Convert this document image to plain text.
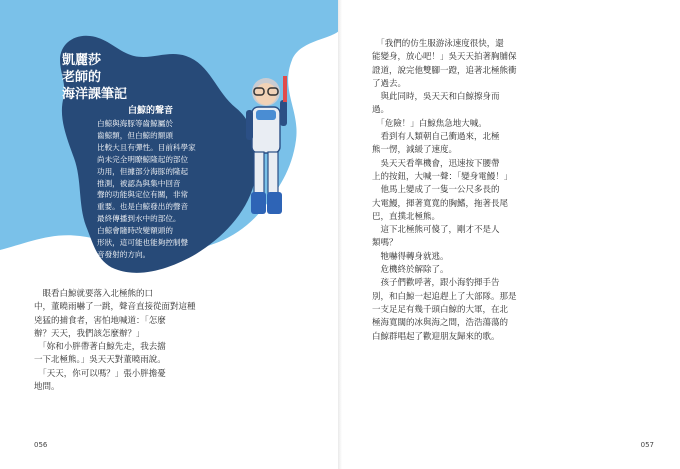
凱麗莎
老師的
海洋課筆記
白鯨的聲音
白鯨與海豚等齒鯨屬於
齒鯨類，但白鯨的額頭
比較大且有彈性。目前科學家
尚未完全明瞭鯨隆起的部位
功用，但據部分海豚的隆起
推測，被認為與集中回音
聲的功能與定位有關，非常
重要。也是白鯨發出的聲音
最終傳播到水中的部位。
白鯨會隨時改變額頭的
形狀，這可能也能夠控制聲
音發射的方向。
　眼看白鯨就要落入北極熊的口
中，董曉雨嚇了一跳，聲音直接從面對這種
兇猛的捕食者，害怕地喊道：「怎麼
辦？天天，我們該怎麼辦？」
　「妳和小胖帶著白鯨先走，我去擋
一下北極熊。」吳天天對董曉雨說。
　「天天，你可以嗎？」張小胖擔憂
地問。
056
　「我們的仿生服游泳速度很快，還
能變身，放心吧！」吳天天拍著胸脯保
證道，說完他雙腳一蹬，追著北極熊衝
了過去。
　與此同時，吳天天和白鯨擦身而
過。
　「危險！」白鯨焦急地大喊。
　看到有人類朝自己衝過來，北極
熊一愣，減緩了速度。
　吳天天看準機會，迅速按下腰帶
上的按鈕，大喊一聲：「變身電鰻！」
　他馬上變成了一隻一公尺多長的
大電鰻，揮著寬寬的胸鰭，拖著長尾
巴，直撲北極熊。
　這下北極熊可傻了，剛才不是人
類嗎？
　牠嚇得轉身就逃。
　危機終於解除了。
　孩子們歡呼著，跟小海豹揮手告
別，和白鯨一起追趕上了大部隊。那是
一支足足有幾千頭白鯨的大軍，在北
極海寬闊的冰與海之間，浩浩蕩蕩的
白鯨群唱起了歡迎朋友歸來的歌。
057
